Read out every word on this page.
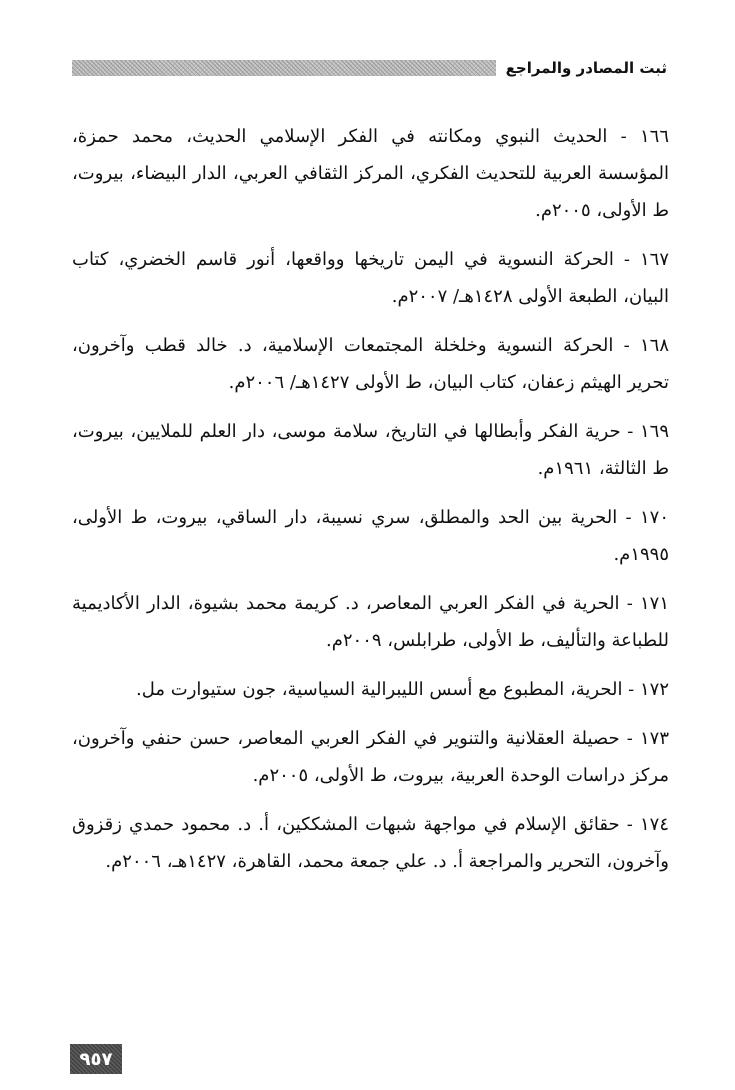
ثبت المصادر والمراجع

١٦٦ - الحديث النبوي ومكانته في الفكر الإسلامي الحديث، محمد حمزة، المؤسسة العربية للتحديث الفكري، المركز الثقافي العربي، الدار البيضاء، بيروت، ط الأولى، ٢٠٠٥م.

١٦٧ - الحركة النسوية في اليمن تاريخها وواقعها، أنور قاسم الخضري، كتاب البيان، الطبعة الأولى ١٤٢٨هـ/ ٢٠٠٧م.

١٦٨ - الحركة النسوية وخلخلة المجتمعات الإسلامية، د. خالد قطب وآخرون، تحرير الهيثم زعفان، كتاب البيان، ط الأولى ١٤٢٧هـ/ ٢٠٠٦م.

١٦٩ - حرية الفكر وأبطالها في التاريخ، سلامة موسى، دار العلم للملايين، بيروت، ط الثالثة، ١٩٦١م.

١٧٠ - الحرية بين الحد والمطلق، سري نسيبة، دار الساقي، بيروت، ط الأولى، ١٩٩٥م.

١٧١ - الحرية في الفكر العربي المعاصر، د. كريمة محمد بشيوة، الدار الأكاديمية للطباعة والتأليف، ط الأولى، طرابلس، ٢٠٠٩م.

١٧٢ - الحرية، المطبوع مع أسس الليبرالية السياسية، جون ستيوارت مل.

١٧٣ - حصيلة العقلانية والتنوير في الفكر العربي المعاصر، حسن حنفي وآخرون، مركز دراسات الوحدة العربية، بيروت، ط الأولى، ٢٠٠٥م.

١٧٤ - حقائق الإسلام في مواجهة شبهات المشككين، أ. د. محمود حمدي زقزوق وآخرون، التحرير والمراجعة أ. د. علي جمعة محمد، القاهرة، ١٤٢٧هـ، ٢٠٠٦م.

٩٥٧
